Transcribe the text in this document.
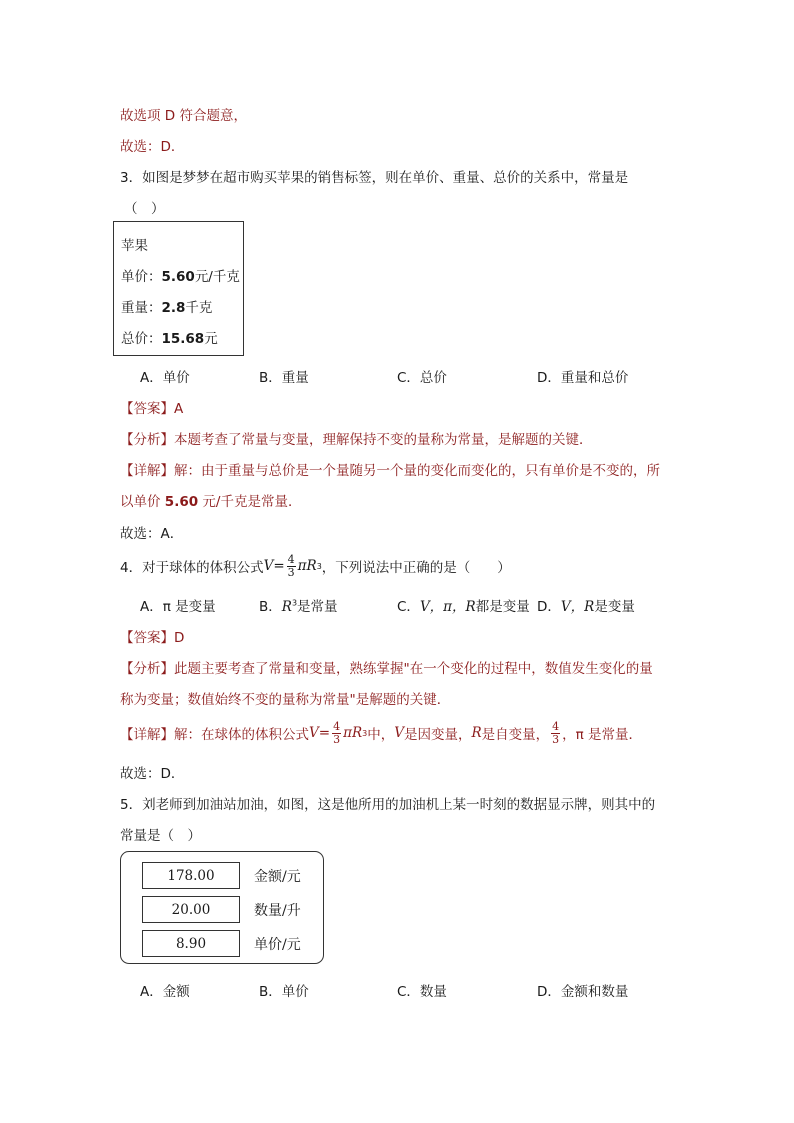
故选项 D 符合题意，
故选：D．
3．如图是梦梦在超市购买苹果的销售标签，则在单价、重量、总价的关系中，常量是
（　）
苹果
单价：5.60元/千克
重量：2.8千克
总价：15.68元
A．单价	B．重量	C．总价	D．重量和总价
【答案】A
【分析】本题考查了常量与变量，理解保持不变的量称为常量，是解题的关键．
【详解】解：由于重量与总价是一个量随另一个量的变化而变化的，只有单价是不变的，所
以单价 5.60 元/千克是常量．
故选：A．
4．对于球体的体积公式 $V = \frac{4}{3}$ π R 3 ，下列说法中正确的是（　　）
A．π 是变量	B．$R^3$是常量	C．V，π，R都是变量 D．V，R是变量
【答案】D
【分析】此题主要考查了常量和变量，熟练掌握"在一个变化的过程中，数值发生变化的量
称为变量；数值始终不变的量称为常量"是解题的关键．
【详解】 解：在球体的体积公式 $V = \frac{4}{3}$ π R 3 中， V 是因变量， R 是自变量， $\frac{4}{3}$ ，π 是常量．
故选：D．
5．刘老师到加油站加油，如图，这是他所用的加油机上某一时刻的数据显示牌，则其中的
常量是（　）
178.00	金额/元
20.00	数量/升
8.90	单价/元
A．金额	B．单价	C．数量	D．金额和数量
